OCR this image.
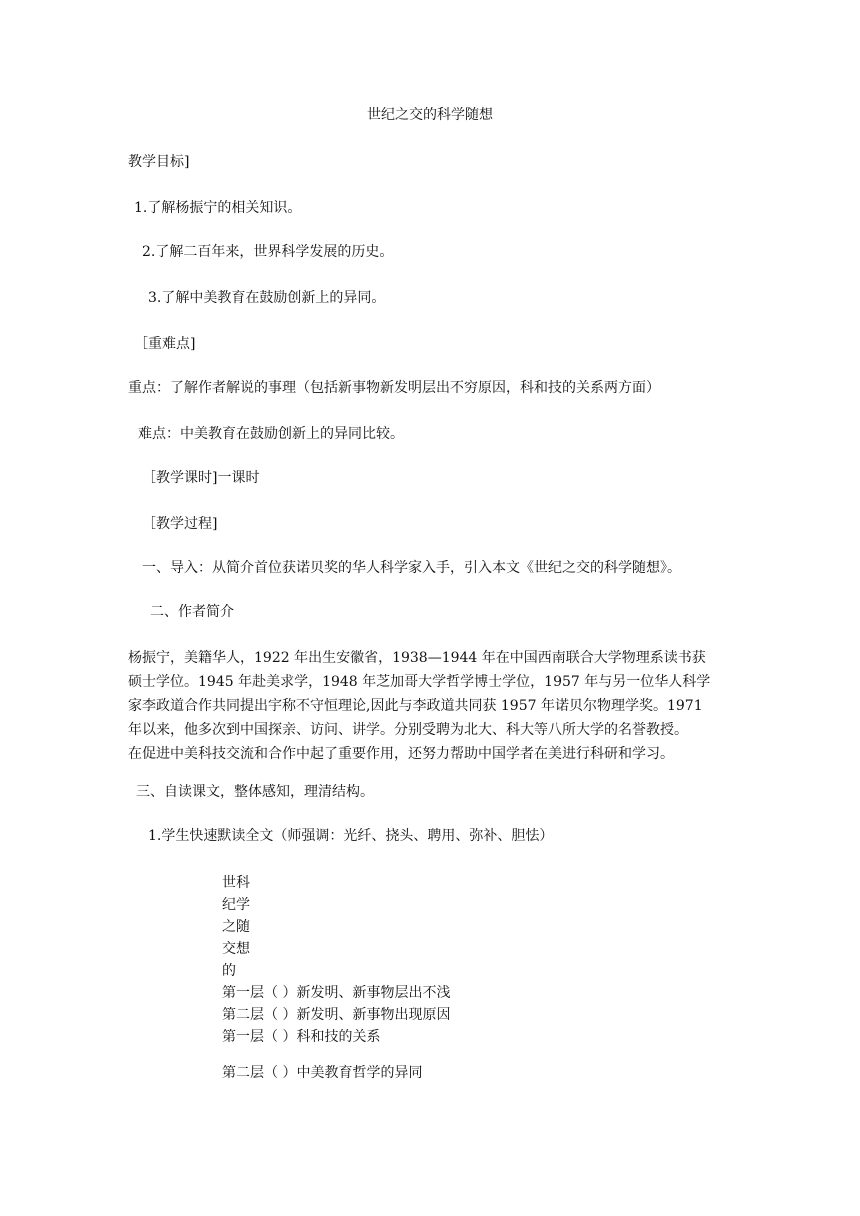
世纪之交的科学随想
教学目标]
1.了解杨振宁的相关知识。
2.了解二百年来，世界科学发展的历史。
3.了解中美教育在鼓励创新上的异同。
［重难点]
重点：了解作者解说的事理（包括新事物新发明层出不穷原因，科和技的关系两方面）
难点：中美教育在鼓励创新上的异同比较。
［教学课时]一课时
［教学过程]
一、导入：从简介首位获诺贝奖的华人科学家入手，引入本文《世纪之交的科学随想》。
二、作者简介
杨振宁，美籍华人，1922 年出生安徽省，1938—1944 年在中国西南联合大学物理系读书获
硕士学位。1945 年赴美求学，1948 年芝加哥大学哲学博士学位，1957 年与另一位华人科学
家李政道合作共同提出宇称不守恒理论,因此与李政道共同获 1957 年诺贝尔物理学奖。1971
年以来，他多次到中国探亲、访问、讲学。分别受聘为北大、科大等八所大学的名誉教授。
在促进中美科技交流和合作中起了重要作用，还努力帮助中国学者在美进行科研和学习。
三、自读课文，整体感知，理清结构。
1.学生快速默读全文（师强调：光纤、挠头、聘用、弥补、胆怯）
世科
纪学
之随
交想
的
第一层（ ）新发明、新事物层出不浅
第二层（ ）新发明、新事物出现原因
第一层（ ）科和技的关系
第二层（ ）中美教育哲学的异同
